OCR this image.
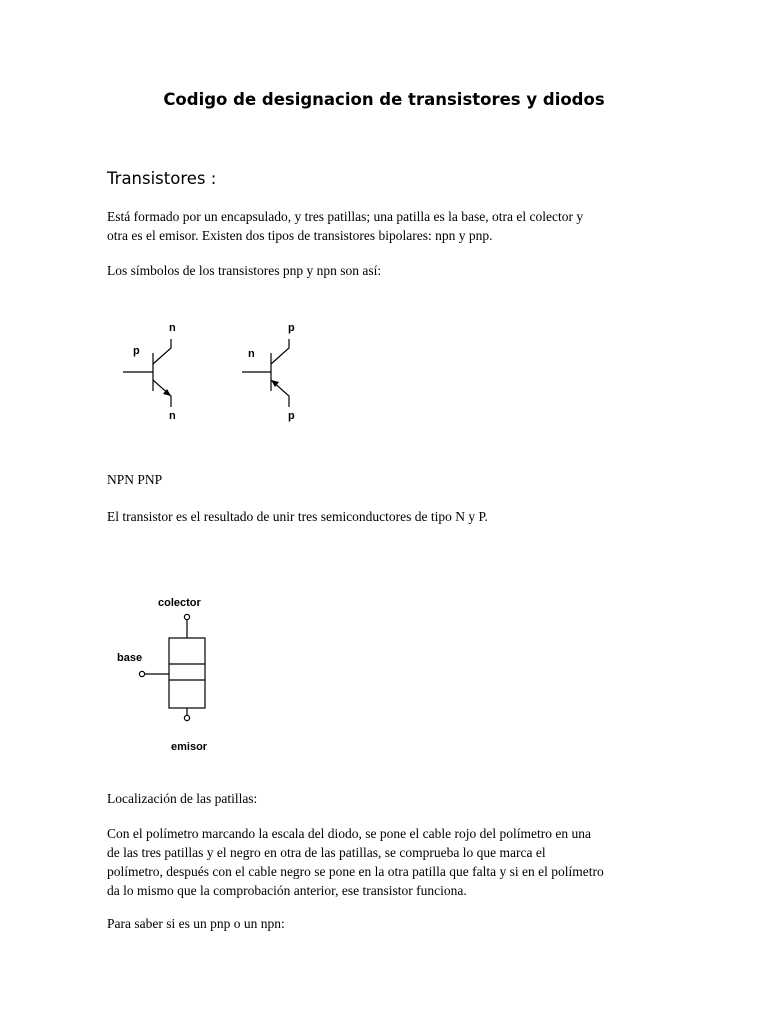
Codigo de designacion de transistores y diodos
Transistores :
Está formado por un encapsulado, y tres patillas; una patilla es la base, otra el colector y
otra es el emisor. Existen dos tipos de transistores bipolares: npn y pnp.
Los símbolos de los transistores pnp y npn son así:
n
p
n
p
n
p
NPN PNP
El transistor es el resultado de unir tres semiconductores de tipo N y P.
colector
base
emisor
Localización de las patillas:
Con el polímetro marcando la escala del diodo, se pone el cable rojo del polímetro en una
de las tres patillas y el negro en otra de las patillas, se comprueba lo que marca el
polímetro, después con el cable negro se pone en la otra patilla que falta y si en el polímetro
da lo mismo que la comprobación anterior, ese transistor funciona.
Para saber si es un pnp o un npn:
